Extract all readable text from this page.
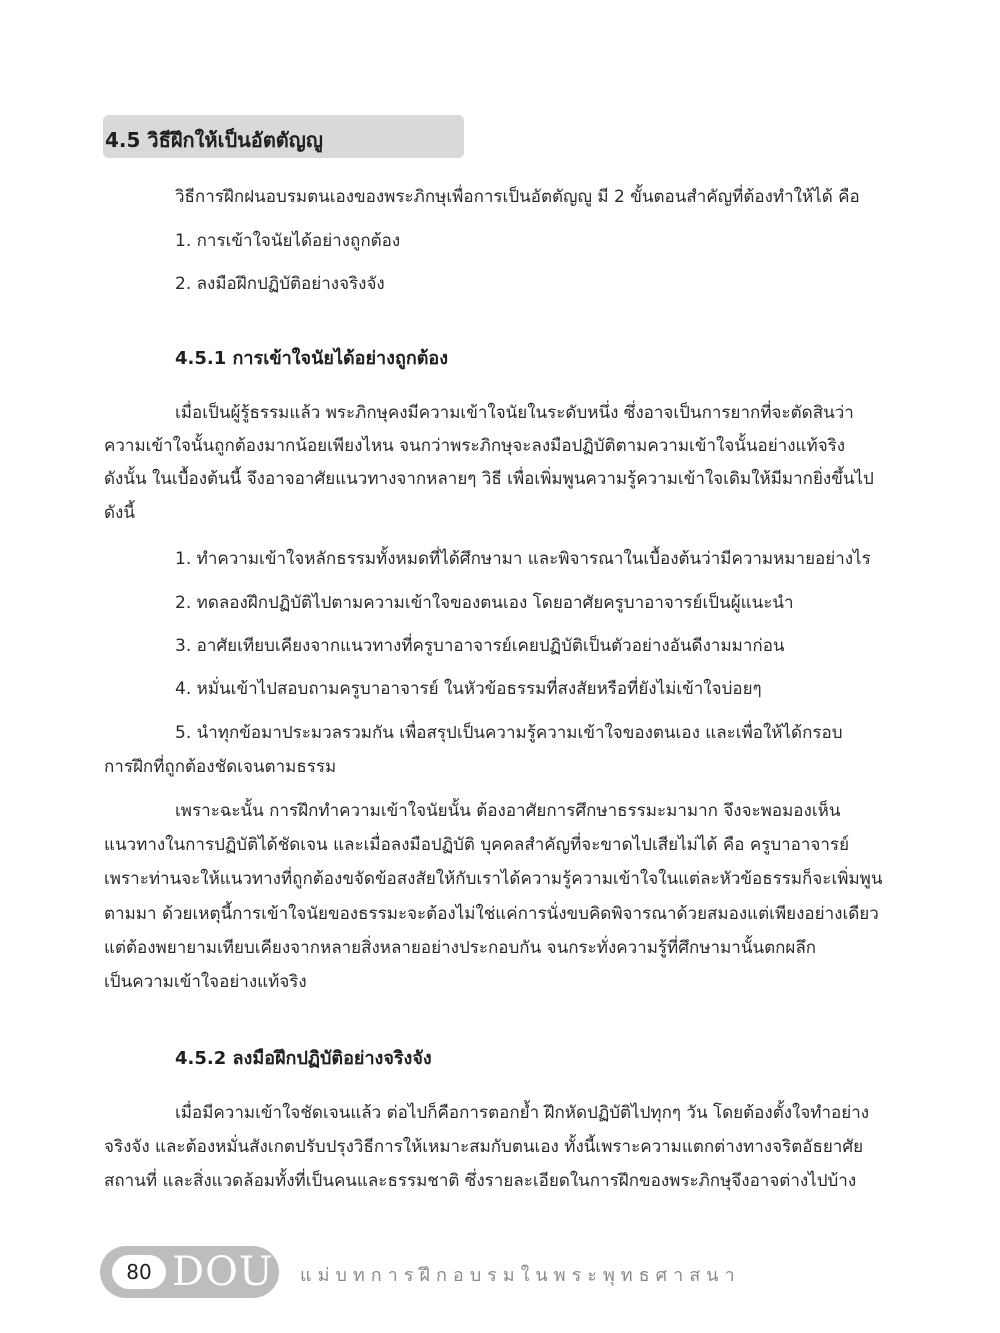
4.5 วิธีฝึกให้เป็นอัตตัญญู

วิธีการฝึกฝนอบรมตนเองของพระภิกษุเพื่อการเป็นอัตตัญญู มี 2 ขั้นตอนสำคัญที่ต้องทำให้ได้ คือ

1. การเข้าใจนัยได้อย่างถูกต้อง

2. ลงมือฝึกปฏิบัติอย่างจริงจัง

4.5.1 การเข้าใจนัยได้อย่างถูกต้อง

เมื่อเป็นผู้รู้ธรรมแล้ว พระภิกษุคงมีความเข้าใจนัยในระดับหนึ่ง ซึ่งอาจเป็นการยากที่จะตัดสินว่า

ความเข้าใจนั้นถูกต้องมากน้อยเพียงไหน จนกว่าพระภิกษุจะลงมือปฏิบัติตามความเข้าใจนั้นอย่างแท้จริง

ดังนั้น ในเบื้องต้นนี้ จึงอาจอาศัยแนวทางจากหลายๆ วิธี เพื่อเพิ่มพูนความรู้ความเข้าใจเดิมให้มีมากยิ่งขึ้นไป

ดังนี้

1. ทำความเข้าใจหลักธรรมทั้งหมดที่ได้ศึกษามา และพิจารณาในเบื้องต้นว่ามีความหมายอย่างไร

2. ทดลองฝึกปฏิบัติไปตามความเข้าใจของตนเอง โดยอาศัยครูบาอาจารย์เป็นผู้แนะนำ

3. อาศัยเทียบเคียงจากแนวทางที่ครูบาอาจารย์เคยปฏิบัติเป็นตัวอย่างอันดีงามมาก่อน

4. หมั่นเข้าไปสอบถามครูบาอาจารย์ ในหัวข้อธรรมที่สงสัยหรือที่ยังไม่เข้าใจบ่อยๆ

5. นำทุกข้อมาประมวลรวมกัน เพื่อสรุปเป็นความรู้ความเข้าใจของตนเอง และเพื่อให้ได้กรอบ

การฝึกที่ถูกต้องชัดเจนตามธรรม

เพราะฉะนั้น การฝึกทำความเข้าใจนัยนั้น ต้องอาศัยการศึกษาธรรมะมามาก จึงจะพอมองเห็น

แนวทางในการปฏิบัติได้ชัดเจน และเมื่อลงมือปฏิบัติ บุคคลสำคัญที่จะขาดไปเสียไม่ได้ คือ ครูบาอาจารย์

เพราะท่านจะให้แนวทางที่ถูกต้องขจัดข้อสงสัยให้กับเราได้ความรู้ความเข้าใจในแต่ละหัวข้อธรรมก็จะเพิ่มพูน

ตามมา ด้วยเหตุนี้การเข้าใจนัยของธรรมะจะต้องไม่ใช่แค่การนั่งขบคิดพิจารณาด้วยสมองแต่เพียงอย่างเดียว

แต่ต้องพยายามเทียบเคียงจากหลายสิ่งหลายอย่างประกอบกัน จนกระทั่งความรู้ที่ศึกษามานั้นตกผลึก

เป็นความเข้าใจอย่างแท้จริง

4.5.2 ลงมือฝึกปฏิบัติอย่างจริงจัง

เมื่อมีความเข้าใจชัดเจนแล้ว ต่อไปก็คือการตอกย้ำ ฝึกหัดปฏิบัติไปทุกๆ วัน โดยต้องตั้งใจทำอย่าง

จริงจัง และต้องหมั่นสังเกตปรับปรุงวิธีการให้เหมาะสมกับตนเอง ทั้งนี้เพราะความแตกต่างทางจริตอัธยาศัย

สถานที่ และสิ่งแวดล้อมทั้งที่เป็นคนและธรรมชาติ ซึ่งรายละเอียดในการฝึกของพระภิกษุจึงอาจต่างไปบ้าง

80 DOU แม่บทการฝึกอบรมในพระพุทธศาสนา
